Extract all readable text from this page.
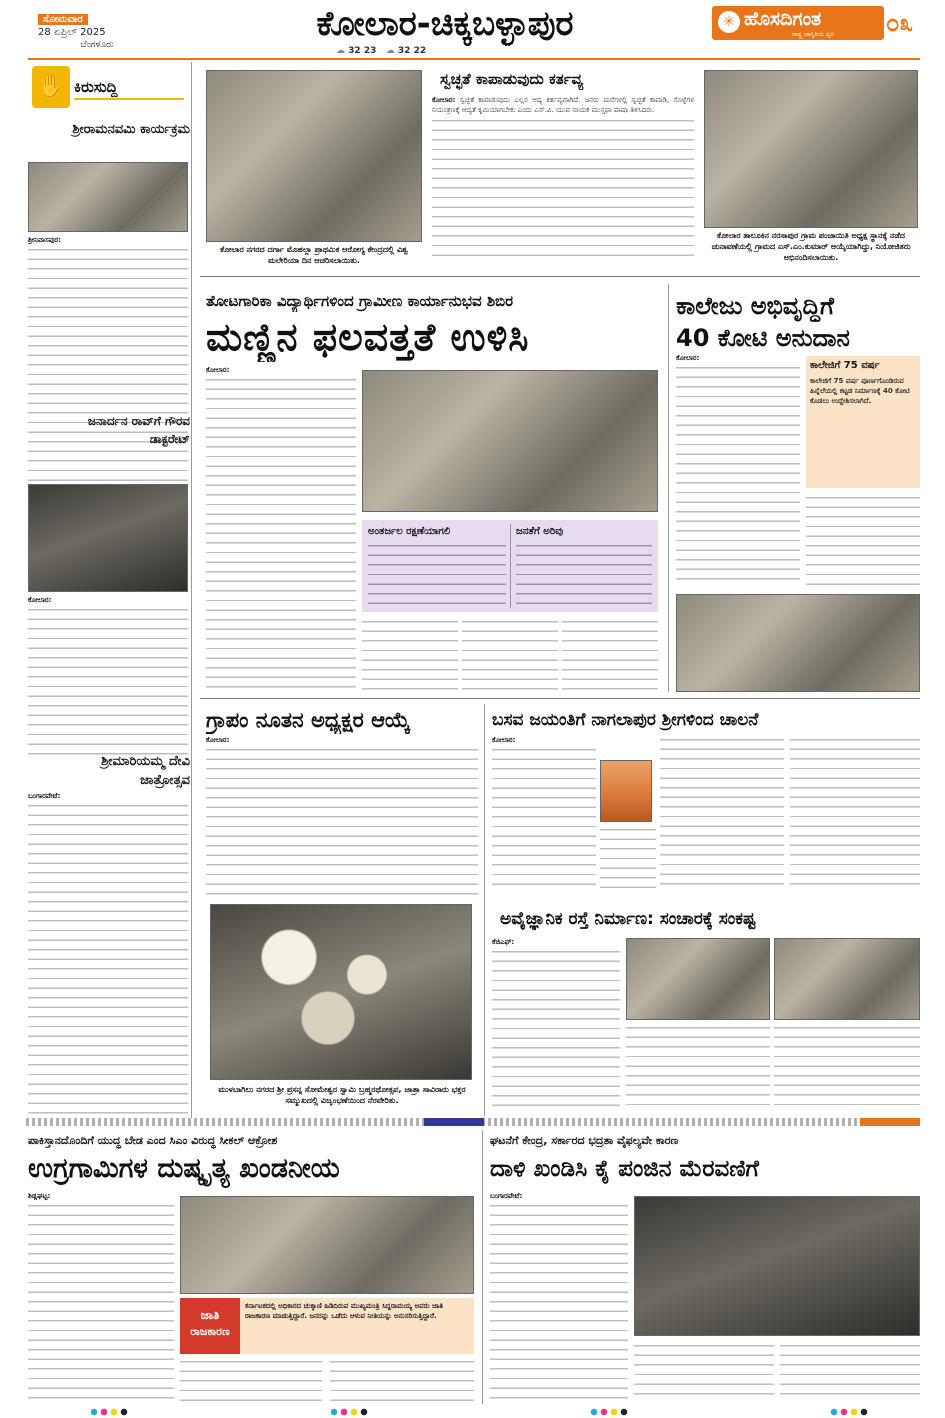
ಸೋಮವಾರ
28 ಏಪ್ರಿಲ್ 2025
ಬೆಂಗಳೂರು
ಕೋಲಾರ-ಚಿಕ್ಕಬಳ್ಳಾಪುರ
☁ 32 23 ☁ 32 22
✳ ಹೊಸದಿಗಂತ
ರಾಷ್ಟ್ರ ಜಾಗೃತಿಯ ಧ್ವನಿ	೦೩
✋ ಕಿರುಸುದ್ದಿ
ಶ್ರೀರಾಮನವಮಿ ಕಾರ್ಯಕ್ರಮ
ಶ್ರೀನಿವಾಸಪುರ:
ಜನಾರ್ದನ ರಾವ್‌ಗೆ ಗೌರವ ಡಾಕ್ಟರೇಟ್
ಕೋಲಾರ:
ಶ್ರೀಮಾರಿಯಮ್ಮ ದೇವಿ ಜಾತ್ರೋತ್ಸವ
ಬಂಗಾರಪೇಟೆ:
ಕೋಲಾರ ನಗರದ ದರ್ಗಾ ಮೊಹಲ್ಲಾ ಪ್ರಾಥಮಿಕ ಆರೋಗ್ಯ ಕೇಂದ್ರದಲ್ಲಿ ವಿಶ್ವ ಮಲೇರಿಯಾ ದಿನ ಆಚರಿಸಲಾಯಿತು.
ಸ್ವಚ್ಛತೆ ಕಾಪಾಡುವುದು ಕರ್ತವ್ಯ
ಕೋಲಾರ: ಸ್ವಚ್ಛತೆ ಕಾಪಾಡುವುದು ಎಲ್ಲರ ಆದ್ಯ ಕರ್ತವ್ಯವಾಗಿದೆ. ಜನರು ಮನೆಗಳಲ್ಲಿ ಸ್ವಚ್ಛತೆ ಕಾಪಾಡಿ, ಸೊಳ್ಳೆಗಳ ನಿಯಂತ್ರಣಕ್ಕೆ ಆದ್ಯತೆ ಕೃಮಿಯಾಗಬೇಕು ಎಂದು ಎಸ್.ವಿ. ಯುವ ನಾಯಕ ಮುಸ್ತಫಾ ಪಾಷಾ ತಿಳಿಸಿದರು.
ಕೋಲಾರ ತಾಲೂಕಿನ ನರಸಾಪುರ ಗ್ರಾಮ ಪಂಚಾಯಿತಿ ಅಧ್ಯಕ್ಷ ಸ್ಥಾನಕ್ಕೆ ನಡೆದ ಚುನಾವಣೆಯಲ್ಲಿ ಗ್ರಾಮದ ಎಸ್.ಎಂ.ಕುಮಾರ್ ಆಯ್ಕೆಯಾಗಿದ್ದು, ನಿಯೋಜಿತರು ಅಭಿನಂದಿಸಲಾಯಿತು.
ತೋಟಗಾರಿಕಾ ವಿದ್ಯಾರ್ಥಿಗಳಿಂದ ಗ್ರಾಮೀಣ ಕಾರ್ಯಾನುಭವ ಶಿಬಿರ
ಮಣ್ಣಿನ ಫಲವತ್ತತೆ ಉಳಿಸಿ
ಕೋಲಾರ:
ಅಂತರ್ಜಲ ರಕ್ಷಣೆಯಾಗಲಿ	ಜನತೆಗೆ ಅರಿವು
ಕಾಲೇಜು ಅಭಿವೃದ್ಧಿಗೆ
40 ಕೋಟಿ ಅನುದಾನ
ಕೋಲಾರ:
ಕಾಲೇಜಿಗೆ 75 ವರ್ಷ
ಕಾಲೇಜಿಗೆ 75 ವರ್ಷ ಪೂರ್ಣಗೊಂಡಿರುವ ಹಿನ್ನೆಲೆಯಲ್ಲಿ ಕಟ್ಟಡ ನಿರ್ಮಾಣಕ್ಕೆ 40 ಕೋಟಿ ಕೊಡಲು ಉದ್ದೇಶಿಸಲಾಗಿದೆ.
ಗ್ರಾಪಂ ನೂತನ ಅಧ್ಯಕ್ಷರ ಆಯ್ಕೆ
ಕೋಲಾರ:
ಮುಳಬಾಗಿಲು ನಗರದ ಶ್ರೀ ಪ್ರಸನ್ನ ಸೋಮೇಶ್ವರ ಸ್ವಾಮಿ ಬ್ರಹ್ಮರಥೋತ್ಸವ, ಜಾತ್ರಾ ಸಾವಿರಾರು ಭಕ್ತರ ಸಮ್ಮುಖದಲ್ಲಿ ವಿಜೃಂಭಣೆಯಿಂದ ನೆರವೇರಿತು.
ಬಸವ ಜಯಂತಿಗೆ ನಾಗಲಾಪುರ ಶ್ರೀಗಳಿಂದ ಚಾಲನೆ
ಕೋಲಾರ:
ಅವೈಜ್ಞಾನಿಕ ರಸ್ತೆ ನಿರ್ಮಾಣ: ಸಂಚಾರಕ್ಕೆ ಸಂಕಷ್ಟ
ಕೆಜಿಎಫ್:
ಪಾಕಿಸ್ತಾನದೊಂದಿಗೆ ಯುದ್ಧ ಬೇಡ ಎಂದ ಸಿಎಂ ವಿರುದ್ಧ ಸೀಕಲ್ ಆಕ್ರೋಶ
ಉಗ್ರಗಾಮಿಗಳ ದುಷ್ಕೃತ್ಯ ಖಂಡನೀಯ
ಶಿಡ್ಲಘಟ್ಟ:
ಜಾತಿ
ರಾಜಕಾರಣ
ಕರ್ನಾಟಕದಲ್ಲಿ ಅಧಿಕಾರದ ಚುಕ್ಕಾಣಿ ಹಿಡಿದಿರುವ ಮುಖ್ಯಮಂತ್ರಿ ಸಿದ್ದರಾಮಯ್ಯ ಅವರು ಜಾತಿ ರಾಜಕಾರಣ ಮಾಡುತ್ತಿದ್ದಾರೆ. ಜನರನ್ನು ಒಡೆದು ಆಳುವ ನೀತಿಯನ್ನು ಅನುಸರಿಸುತ್ತಿದ್ದಾರೆ.
ಘಟನೆಗೆ ಕೇಂದ್ರ, ಸರ್ಕಾರದ ಭದ್ರತಾ ವೈಫಲ್ಯವೇ ಕಾರಣ
ದಾಳಿ ಖಂಡಿಸಿ ಕೈ ಪಂಜಿನ ಮೆರವಣಿಗೆ
ಬಂಗಾರಪೇಟೆ:
